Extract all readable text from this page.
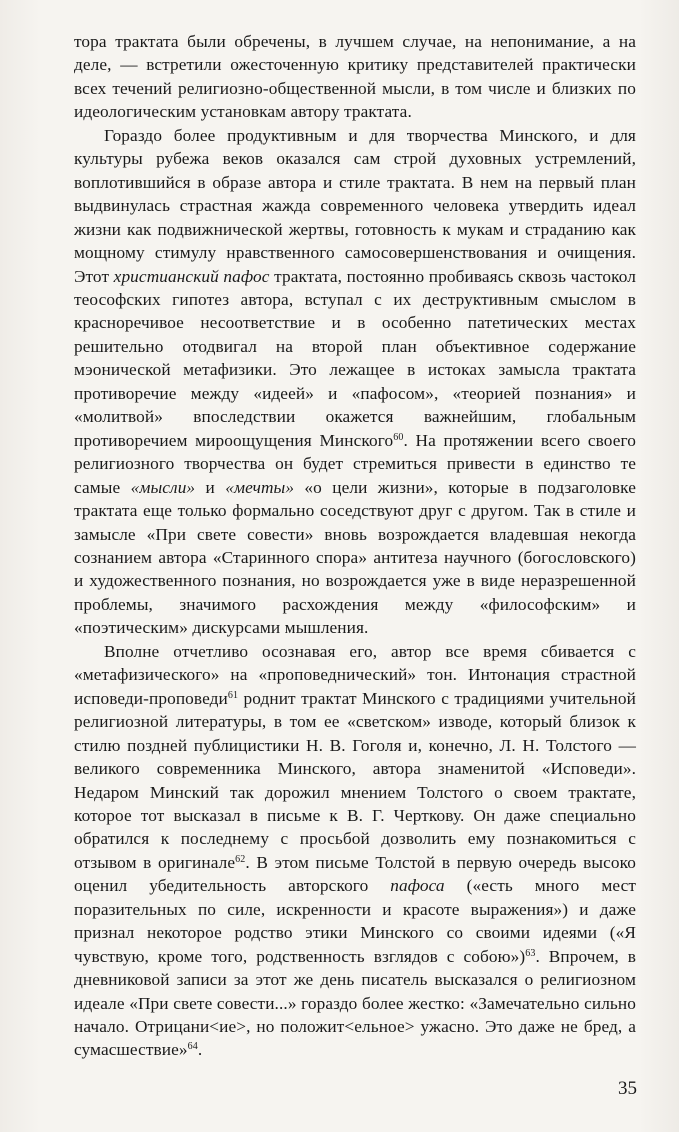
тора трактата были обречены, в лучшем случае, на непонимание, а на деле, — встретили ожесточенную критику представителей практически всех течений религиозно-общественной мысли, в том числе и близких по идеологическим установкам автору трактата.

Гораздо более продуктивным и для творчества Минского, и для культуры рубежа веков оказался сам строй духовных устремлений, воплотившийся в образе автора и стиле трактата. В нем на первый план выдвинулась страстная жажда современного человека утвердить идеал жизни как подвижнической жертвы, готовность к мукам и страданию как мощному стимулу нравственного самосовершенствования и очищения. Этот христианский пафос трактата, постоянно пробиваясь сквозь частокол теософских гипотез автора, вступал с их деструктивным смыслом в красноречивое несоответствие и в особенно патетических местах решительно отодвигал на второй план объективное содержание мэонической метафизики. Это лежащее в истоках замысла трактата противоречие между «идеей» и «пафосом», «теорией познания» и «молитвой» впоследствии окажется важнейшим, глобальным противоречием мироощущения Минского$^{60}$. На протяжении всего своего религиозного творчества он будет стремиться привести в единство те самые «мысли» и «мечты» «о цели жизни», которые в подзаголовке трактата еще только формально соседствуют друг с другом. Так в стиле и замысле «При свете совести» вновь возрождается владевшая некогда сознанием автора «Старинного спора» антитеза научного (богословского) и художественного познания, но возрождается уже в виде неразрешенной проблемы, значимого расхождения между «философским» и «поэтическим» дискурсами мышления.

Вполне отчетливо осознавая его, автор все время сбивается с «метафизического» на «проповеднический» тон. Интонация страстной исповеди-проповеди$^{61}$ роднит трактат Минского с традициями учительной религиозной литературы, в том ее «светском» изводе, который близок к стилю поздней публицистики Н. В. Гоголя и, конечно, Л. Н. Толстого — великого современника Минского, автора знаменитой «Исповеди». Недаром Минский так дорожил мнением Толстого о своем трактате, которое тот высказал в письме к В. Г. Черткову. Он даже специально обратился к последнему с просьбой дозволить ему познакомиться с отзывом в оригинале$^{62}$. В этом письме Толстой в первую очередь высоко оценил убедительность авторского пафоса («есть много мест поразительных по силе, искренности и красоте выражения») и даже признал некоторое родство этики Минского со своими идеями («Я чувствую, кроме того, родственность взглядов с собою»)$^{63}$. Впрочем, в дневниковой записи за этот же день писатель высказался о религиозном идеале «При свете совести...» гораздо более жестко: «Замечательно сильно начало. Отрицани<ие>, но положит<ельное> ужасно. Это даже не бред, а сумасшествие»$^{64}$.

35
